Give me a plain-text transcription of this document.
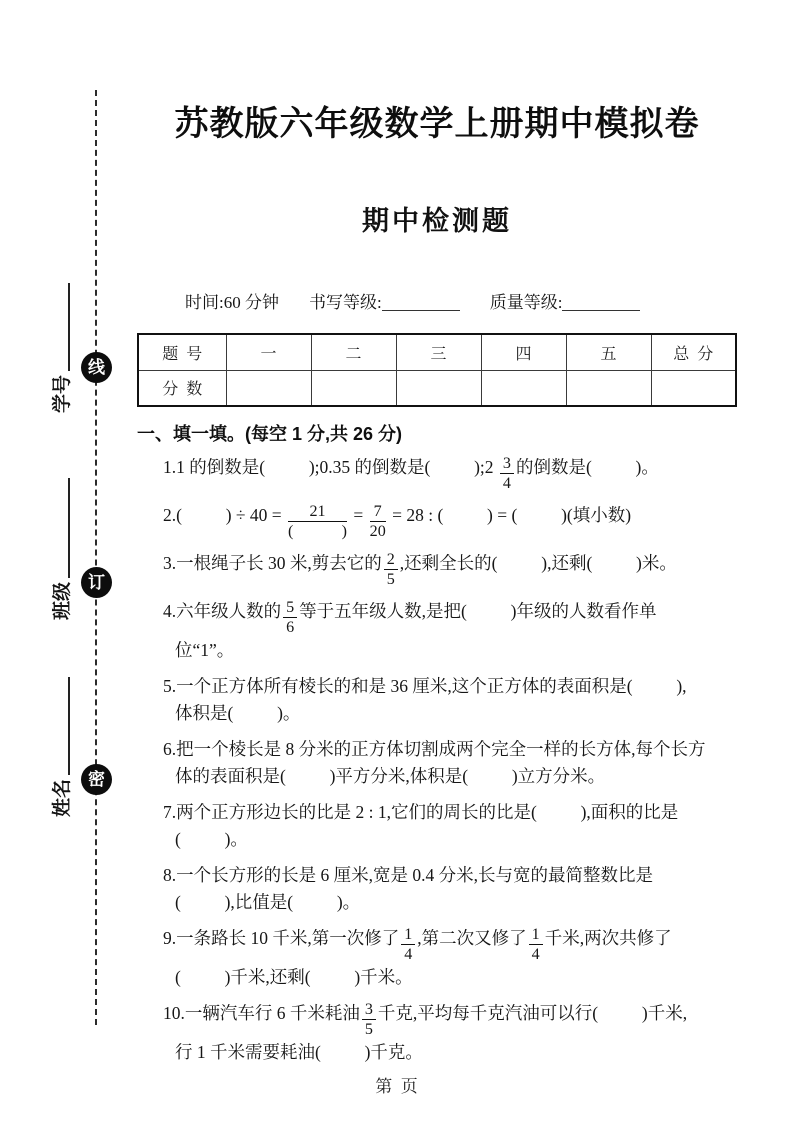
线
订
密
学号
班级
姓名
苏教版六年级数学上册期中模拟卷
期中检测题
时间:60 分钟 书写等级:	质量等级:
题  号	一	二	三	四	五	总  分
分  数						
一、填一填。(每空 1 分,共 26 分)
1.1 的倒数是(          );0.35 的倒数是(          );2 $\frac{3}{4}$ 的倒数是(          )。
2.(          ) ÷ $40 = \frac{21}{( )} = \frac{7}{20} = 28$ : (          ) = (          )(填小数)
3.一根绳子长 30 米,剪去它的 $\frac{2}{5}$ ,还剩全长的(          ),还剩(          )米。
4.六年级人数的 $\frac{5}{6}$ 等于五年级人数,是把(          )年级的人数看作单
位“1”。
5.一个正方体所有棱长的和是 36 厘米,这个正方体的表面积是(          ),
体积是(          )。
6.把一个棱长是 8 分米的正方体切割成两个完全一样的长方体,每个长方
体的表面积是(          )平方分米,体积是(          )立方分米。
7.两个正方形边长的比是 2 : 1,它们的周长的比是(          ),面积的比是
(          )。
8.一个长方形的长是 6 厘米,宽是 0.4 分米,长与宽的最简整数比是
(          ),比值是(          )。
9.一条路长 10 千米,第一次修了 $\frac{1}{4}$ ,第二次又修了 $\frac{1}{4}$ 千米,两次共修了
(          )千米,还剩(          )千米。
10.一辆汽车行 6 千米耗油 $\frac{3}{5}$ 千克,平均每千克汽油可以行(          )千米,
行 1 千米需要耗油(          )千克。
第  页
